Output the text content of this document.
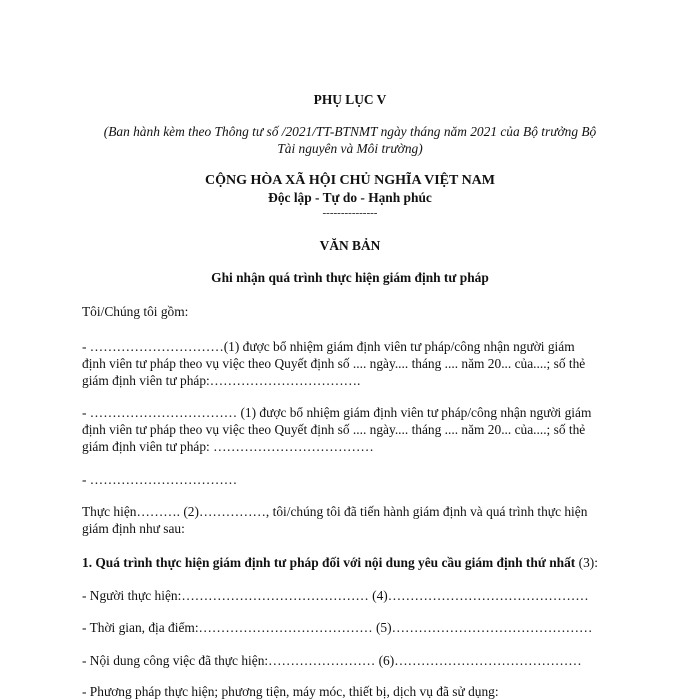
PHỤ LỤC V
(Ban hành kèm theo Thông tư số /2021/TT-BTNMT ngày tháng năm 2021 của Bộ trưởng Bộ
Tài nguyên và Môi trường)
CỘNG HÒA XÃ HỘI CHỦ NGHĨA VIỆT NAM
Độc lập - Tự do - Hạnh phúc
---------------
VĂN BẢN
Ghi nhận quá trình thực hiện giám định tư pháp
Tôi/Chúng tôi gồm:
- …………………………(1) được bổ nhiệm giám định viên tư pháp/công nhận người giám
định viên tư pháp theo vụ việc theo Quyết định số .... ngày.... tháng .... năm 20... của....; số thẻ
giám định viên tư pháp:…………………………….
- …………………………… (1) được bổ nhiệm giám định viên tư pháp/công nhận người giám
định viên tư pháp theo vụ việc theo Quyết định số .... ngày.... tháng .... năm 20... của....; số thẻ
giám định viên tư pháp: ………………………………
- ……………………………
Thực hiện………. (2)……………, tôi/chúng tôi đã tiến hành giám định và quá trình thực hiện
giám định như sau:
1. Quá trình thực hiện giám định tư pháp đối với nội dung yêu cầu giám định thứ nhất (3):
- Người thực hiện:…………………………………… (4)………………………………………
- Thời gian, địa điểm:………………………………… (5)………………………………………
- Nội dung công việc đã thực hiện:…………………… (6)……………………………………
- Phương pháp thực hiện; phương tiện, máy móc, thiết bị, dịch vụ đã sử dụng:
